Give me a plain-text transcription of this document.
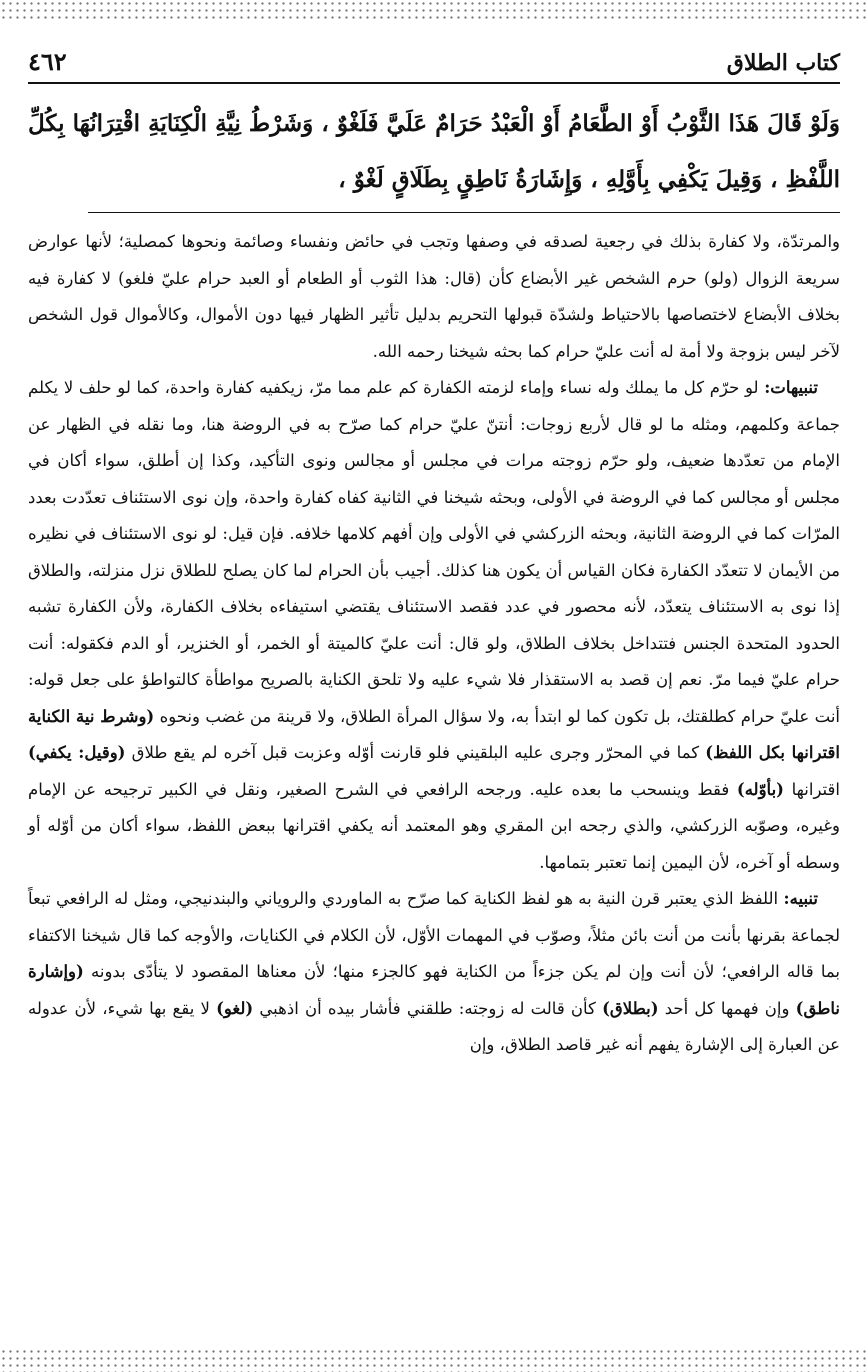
٤٦٢	كتاب الطلاق
وَلَوْ قَالَ هَذَا الثَّوْبُ أَوْ الطَّعَامُ أَوْ الْعَبْدُ حَرَامٌ عَلَيَّ فَلَغْوٌ ، وَشَرْطُ نِيَّةِ الْكِنَايَةِ اقْتِرَانُهَا بِكُلِّ اللَّفْظِ ، وَقِيلَ يَكْفِي بِأَوَّلِهِ ، وَإِشَارَةُ نَاطِقٍ بِطَلَاقٍ لَغْوٌ ،

والمرتدّة، ولا كفارة بذلك في رجعية لصدقه في وصفها وتجب في حائض ونفساء وصائمة ونحوها كمصلية؛ لأنها عوارض سريعة الزوال (ولو) حرم الشخص غير الأبضاع كأن (قال: هذا الثوب أو الطعام أو العبد حرام عليّ فلغو) لا كفارة فيه بخلاف الأبضاع لاختصاصها بالاحتياط ولشدّة قبولها التحريم بدليل تأثير الظهار فيها دون الأموال، وكالأموال قول الشخص لآخر ليس بزوجة ولا أمة له أنت عليّ حرام كما بحثه شيخنا رحمه الله.

تنبيهات: لو حرّم كل ما يملك وله نساء وإماء لزمته الكفارة كم علم مما مرّ، زيكفيه كفارة واحدة، كما لو حلف لا يكلم جماعة وكلمهم، ومثله ما لو قال لأربع زوجات: أنتنّ عليّ حرام كما صرّح به في الروضة هنا، وما نقله في الظهار عن الإمام من تعدّدها ضعيف، ولو حرّم زوجته مرات في مجلس أو مجالس ونوى التأكيد، وكذا إن أطلق، سواء أكان في مجلس أو مجالس كما في الروضة في الأولى، وبحثه شيخنا في الثانية كفاه كفارة واحدة، وإن نوى الاستئناف تعدّدت بعدد المرّات كما في الروضة الثانية، وبحثه الزركشي في الأولى وإن أفهم كلامها خلافه. فإن قيل: لو نوى الاستئناف في نظيره من الأيمان لا تتعدّد الكفارة فكان القياس أن يكون هنا كذلك. أجيب بأن الحرام لما كان يصلح للطلاق نزل منزلته، والطلاق إذا نوى به الاستئناف يتعدّد، لأنه محصور في عدد فقصد الاستئناف يقتضي استيفاءه بخلاف الكفارة، ولأن الكفارة تشبه الحدود المتحدة الجنس فتتداخل بخلاف الطلاق، ولو قال: أنت عليّ كالميتة أو الخمر، أو الخنزير، أو الدم فكقوله: أنت حرام عليّ فيما مرّ. نعم إن قصد به الاستقذار فلا شيء عليه ولا تلحق الكناية بالصريح مواطأة كالتواطؤ على جعل قوله: أنت عليّ حرام كطلقتك، بل تكون كما لو ابتدأ به، ولا سؤال المرأة الطلاق، ولا قرينة من غضب ونحوه (وشرط نية الكناية اقترانها بكل اللفظ) كما في المحرّر وجرى عليه البلقيني فلو قارنت أوّله وعزبت قبل آخره لم يقع طلاق (وقيل: يكفي) اقترانها (بأوّله) فقط وينسحب ما بعده عليه. ورجحه الرافعي في الشرح الصغير، ونقل في الكبير ترجيحه عن الإمام وغيره، وصوّبه الزركشي، والذي رجحه ابن المقري وهو المعتمد أنه يكفي اقترانها ببعض اللفظ، سواء أكان من أوّله أو وسطه أو آخره، لأن اليمين إنما تعتبر بتمامها.

تنبيه: اللفظ الذي يعتبر قرن النية به هو لفظ الكناية كما صرّح به الماوردي والروياني والبندنيجي، ومثل له الرافعي تبعاً لجماعة بقرنها بأنت من أنت بائن مثلاً، وصوّب في المهمات الأوّل، لأن الكلام في الكنايات، والأوجه كما قال شيخنا الاكتفاء بما قاله الرافعي؛ لأن أنت وإن لم يكن جزءاً من الكناية فهو كالجزء منها؛ لأن معناها المقصود لا يتأدّى بدونه (وإشارة ناطق) وإن فهمها كل أحد (بطلاق) كأن قالت له زوجته: طلقني فأشار بيده أن اذهبي (لغو) لا يقع بها شيء، لأن عدوله عن العبارة إلى الإشارة يفهم أنه غير قاصد الطلاق، وإن
